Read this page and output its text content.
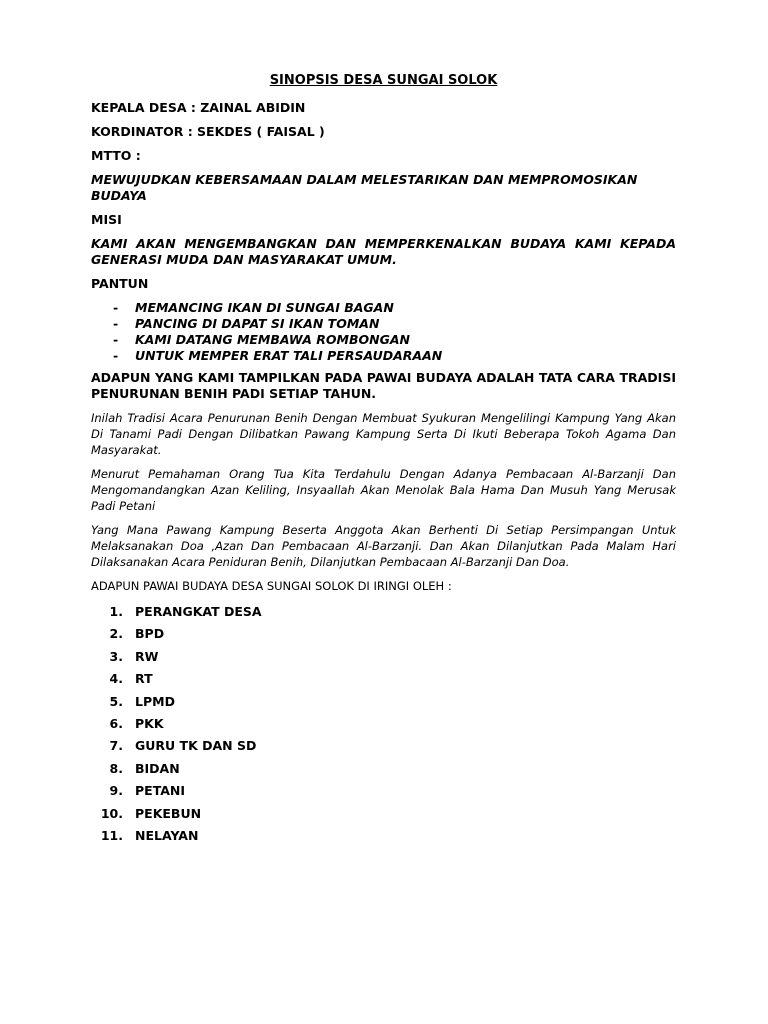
SINOPSIS DESA SUNGAI SOLOK
KEPALA DESA : ZAINAL ABIDIN
KORDINATOR : SEKDES ( FAISAL )
MTTO :
MEWUJUDKAN KEBERSAMAAN DALAM MELESTARIKAN DAN MEMPROMOSIKAN BUDAYA
MISI
KAMI AKAN MENGEMBANGKAN DAN MEMPERKENALKAN BUDAYA KAMI KEPADA GENERASI MUDA DAN MASYARAKAT UMUM.
PANTUN
- MEMANCING IKAN DI SUNGAI BAGAN
- PANCING DI DAPAT SI IKAN TOMAN
- KAMI DATANG MEMBAWA ROMBONGAN
- UNTUK MEMPER ERAT TALI PERSAUDARAAN
ADAPUN YANG KAMI TAMPILKAN PADA PAWAI BUDAYA ADALAH TATA CARA TRADISI PENURUNAN BENIH PADI SETIAP TAHUN.
Inilah Tradisi Acara Penurunan Benih Dengan Membuat Syukuran Mengelilingi Kampung Yang Akan Di Tanami Padi Dengan Dilibatkan Pawang Kampung Serta Di Ikuti Beberapa Tokoh Agama Dan Masyarakat.
Menurut Pemahaman Orang Tua Kita Terdahulu Dengan Adanya Pembacaan Al-Barzanji Dan Mengomandangkan Azan Keliling, Insyaallah Akan Menolak Bala Hama Dan Musuh Yang Merusak Padi Petani
Yang Mana Pawang Kampung Beserta Anggota Akan Berhenti Di Setiap Persimpangan Untuk Melaksanakan Doa ,Azan Dan Pembacaan Al-Barzanji. Dan Akan Dilanjutkan Pada Malam Hari Dilaksanakan Acara Peniduran Benih, Dilanjutkan Pembacaan Al-Barzanji Dan Doa.
ADAPUN PAWAI BUDAYA DESA SUNGAI SOLOK DI IRINGI OLEH :
1. PERANGKAT DESA
2. BPD
3. RW
4. RT
5. LPMD
6. PKK
7. GURU TK DAN SD
8. BIDAN
9. PETANI
10. PEKEBUN
11. NELAYAN
